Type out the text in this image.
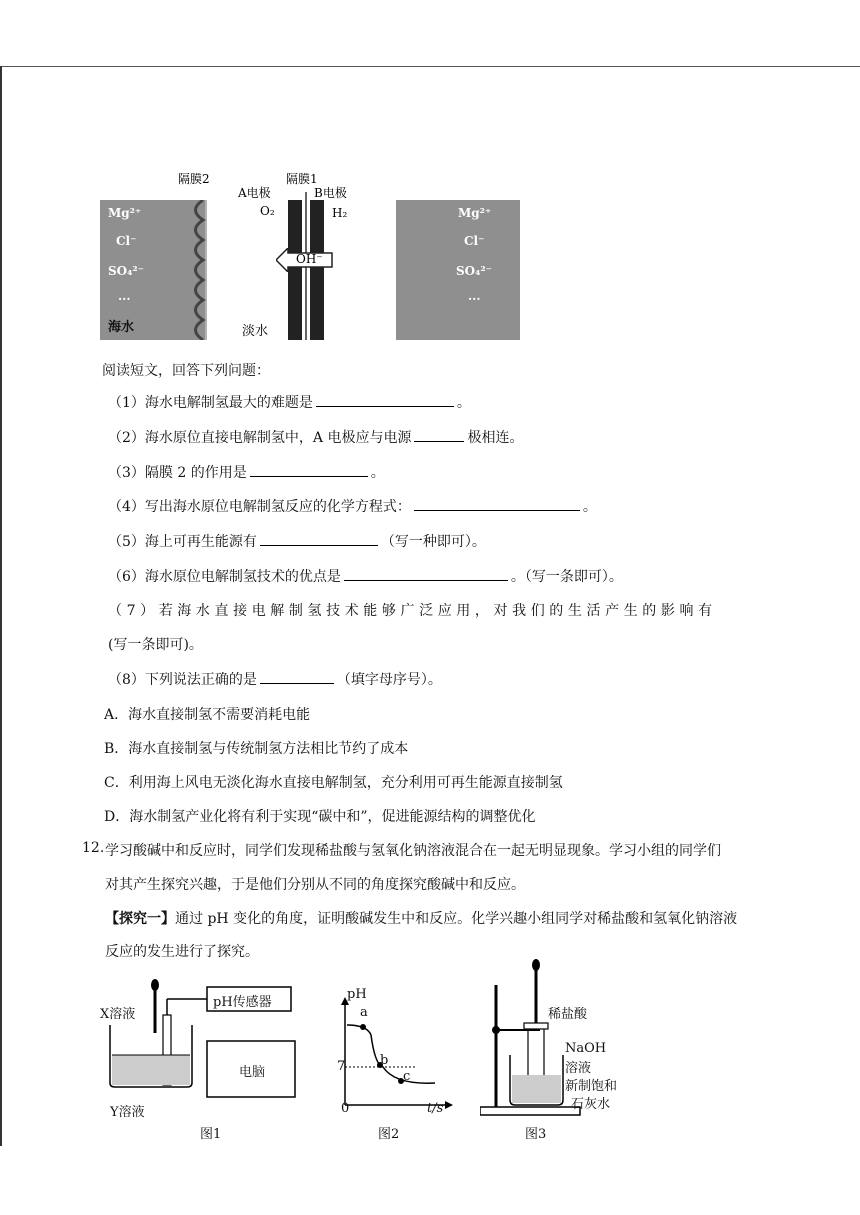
Mg²⁺
Cl⁻
SO₄²⁻
···
海水
隔膜2
A电极
隔膜1
B电极
O₂	H₂
OH⁻
淡水
Mg²⁺
Cl⁻
SO₄²⁻
···
阅读短文，回答下列问题：
（1）海水电解制氢最大的难题是	。
（2）海水原位直接电解制氢中，A 电极应与电源	极相连。
（3）隔膜 2 的作用是	。
（4）写出海水原位电解制氢反应的化学方程式：	。
（5）海上可再生能源有	（写一种即可）。
（6）海水原位电解制氢技术的优点是	。（写一条即可）。
（7）若海水直接电解制氢技术能够广泛应用，对我们的生活产生的影响有
(写一条即可)。
（8）下列说法正确的是	（填字母序号）。
A．海水直接制氢不需要消耗电能
B．海水直接制氢与传统制氢方法相比节约了成本
C．利用海上风电无淡化海水直接电解制氢，充分利用可再生能源直接制氢
D．海水制氢产业化将有利于实现“碳中和”，促进能源结构的调整优化
12. 学习酸碱中和反应时，同学们发现稀盐酸与氢氧化钠溶液混合在一起无明显现象。学习小组的同学们
对其产生探究兴趣，于是他们分别从不同的角度探究酸碱中和反应。
【探究一】通过 pH 变化的角度，证明酸碱发生中和反应。化学兴趣小组同学对稀盐酸和氢氧化钠溶液
反应的发生进行了探究。
pH传感器
X溶液
电脑
Y溶液
图1
pH
a
7	b
c
0	t/s
图2
稀盐酸
NaOH
溶液
新制饱和
石灰水
图3
